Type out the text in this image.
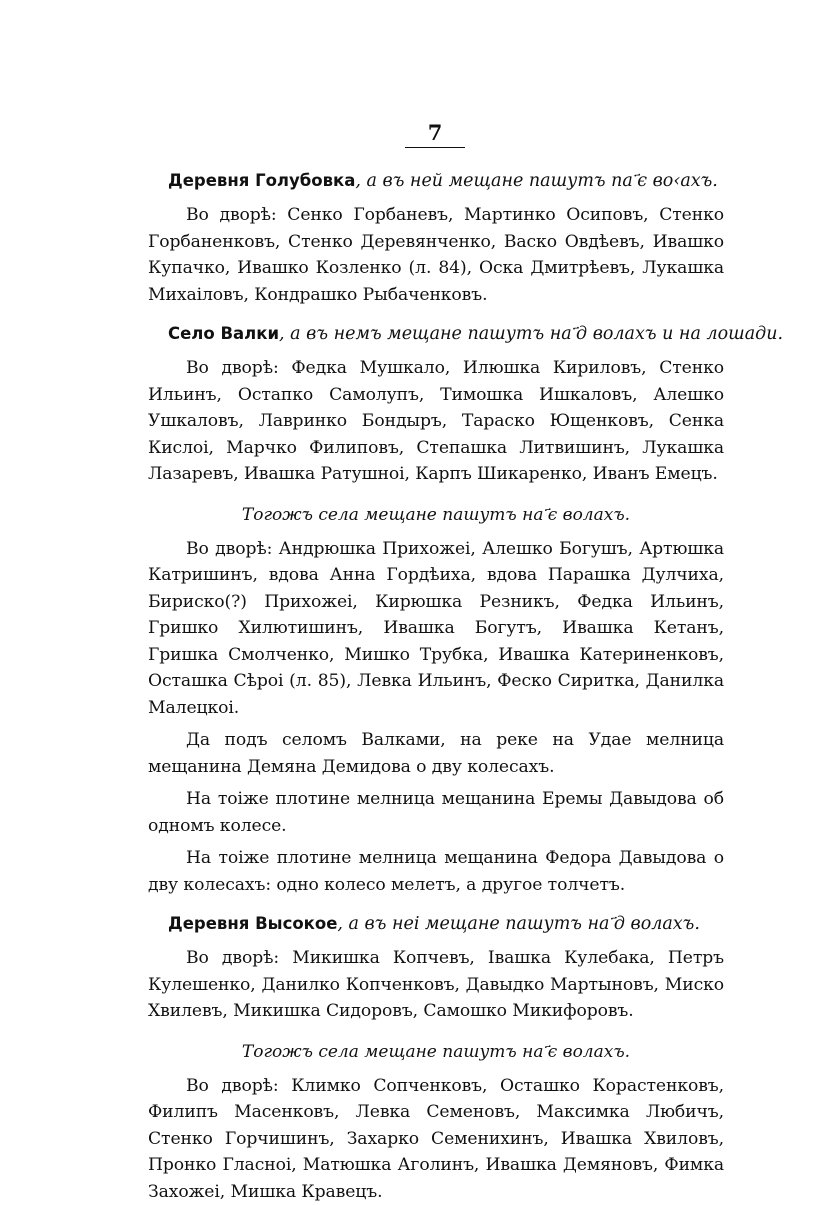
7
Деревня Голубовка, а въ ней мещане пашутъ па ҃є во‹ахъ.

Во дворѣ: Сенко Горбаневъ, Мартинко Осиповъ, Стенко Горбаненковъ, Стенко Деревянченко, Васко Овдѣевъ, Ивашко Купачко, Ивашко Козленко (л. 84), Оска Дмитрѣевъ, Лукашка Михаiловъ, Кондрашко Рыбаченковъ.

Село Валки, а въ немъ мещане пашутъ на ҃д волахъ и на лошади.

Во дворѣ: Федка Мушкало, Илюшка Кириловъ, Стенко Ильинъ, Остапко Самолупъ, Тимошка Ишкаловъ, Алешко Ушкаловъ, Лавринко Бондыръ, Тараско Ющенковъ, Сенка Кислоi, Марчко Филиповъ, Степашка Литвишинъ, Лукашка Лазаревъ, Ивашка Ратушноi, Карпъ Шикаренко, Иванъ Емецъ.

Тогожъ села мещане пашутъ на ҃є волахъ.

Во дворѣ: Андрюшка Прихожеi, Алешко Богушъ, Артюшка Катришинъ, вдова Анна Гордѣиха, вдова Парашка Дулчиха, Бириско(?) Прихожеi, Кирюшка Резникъ, Федка Ильинъ, Гришко Хилютишинъ, Ивашка Богутъ, Ивашка Кетанъ, Гришка Смолченко, Мишко Трубка, Ивашка Катериненковъ, Осташка Сѣроi (л. 85), Левка Ильинъ, Феско Сиритка, Данилка Малецкоi.

Да подъ селомъ Валками, на реке на Удае мелница мещанина Демяна Демидова о дву колесахъ.

На тоiже плотине мелница мещанина Еремы Давыдова об одномъ колесе.

На тоiже плотине мелница мещанина Федора Давыдова о дву колесахъ: одно колесо мелетъ, а другое толчетъ.

Деревня Высокое, а въ неi мещане пашутъ на ҃д волахъ.

Во дворѣ: Микишка Копчевъ, Iвашка Кулебака, Петръ Кулешенко, Данилко Копченковъ, Давыдко Мартыновъ, Миско Хвилевъ, Микишка Сидоровъ, Самошко Микифоровъ.

Тогожъ села мещане пашутъ на ҃є волахъ.

Во дворѣ: Климко Сопченковъ, Осташко Корастенковъ, Филипъ Масенковъ, Левка Семеновъ, Максимка Любичъ, Стенко Горчишинъ, Захарко Семенихинъ, Ивашка Хвиловъ, Пронко Гласноi, Матюшка Аголинъ, Ивашка Демяновъ, Фимка Захожеi, Мишка Кравецъ.
